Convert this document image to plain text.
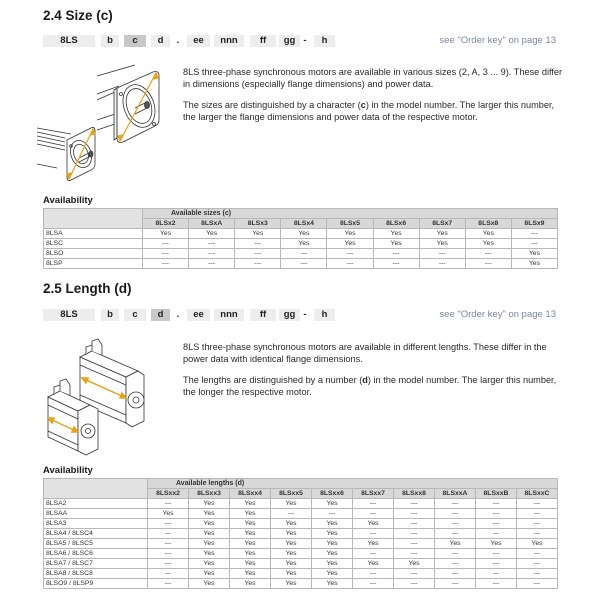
2.4 Size (c)
8LS	b	c	d	.	ee	nnn	ff	gg -	h	see "Order key" on page 13

8LS three-phase synchronous motors are available in various sizes (2, A, 3 ... 9). These differ in dimensions (especially flange dimensions) and power data.

The sizes are distinguished by a character (c) in the model number. The larger this number, the larger the flange dimensions and power data of the respective motor.

Availability
	Available sizes (c)								
	8LSx2	8LSxA	8LSx3	8LSx4	8LSx5	8LSx6	8LSx7	8LSx8	8LSx9
8LSA	Yes	Yes	Yes	Yes	Yes	Yes	Yes	Yes	---
8LSC	---	---	---	Yes	Yes	Yes	Yes	Yes	---
8LSO	---	---	---	---	---	---	---	---	Yes
8LSP	---	---	---	---	---	---	---	---	Yes
2.5 Length (d)
8LS	b	c	d	.	ee	nnn	ff	gg -	h	see "Order key" on page 13

8LS three-phase synchronous motors are available in different lengths. These differ in the power data with identical flange dimensions.

The lengths are distinguished by a number (d) in the model number. The larger this number, the longer the respective motor.

Availability
	Available lengths (d)									
	8LSxx2	8LSxx3	8LSxx4	8LSxx5	8LSxx6	8LSxx7	8LSxx8	8LSxxA	8LSxxB	8LSxxC
8LSA2	---	Yes	Yes	Yes	Yes	---	---	---	---	---
8LSAA	Yes	Yes	Yes	---	---	---	---	---	---	---
8LSA3	---	Yes	Yes	Yes	Yes	Yes	---	---	---	---
8LSA4 / 8LSC4	---	Yes	Yes	Yes	Yes	---	---	---	---	---
8LSA5 / 8LSC5	---	Yes	Yes	Yes	Yes	Yes	---	Yes	Yes	Yes
8LSA6 / 8LSC6	---	Yes	Yes	Yes	Yes	---	---	---	---	---
8LSA7 / 8LSC7	---	Yes	Yes	Yes	Yes	Yes	Yes	---	---	---
8LSA8 / 8LSC8	---	Yes	Yes	Yes	Yes	---	---	---	---	---
8LSO9 / 8LSP9	---	Yes	Yes	Yes	Yes	---	---	---	---	---
